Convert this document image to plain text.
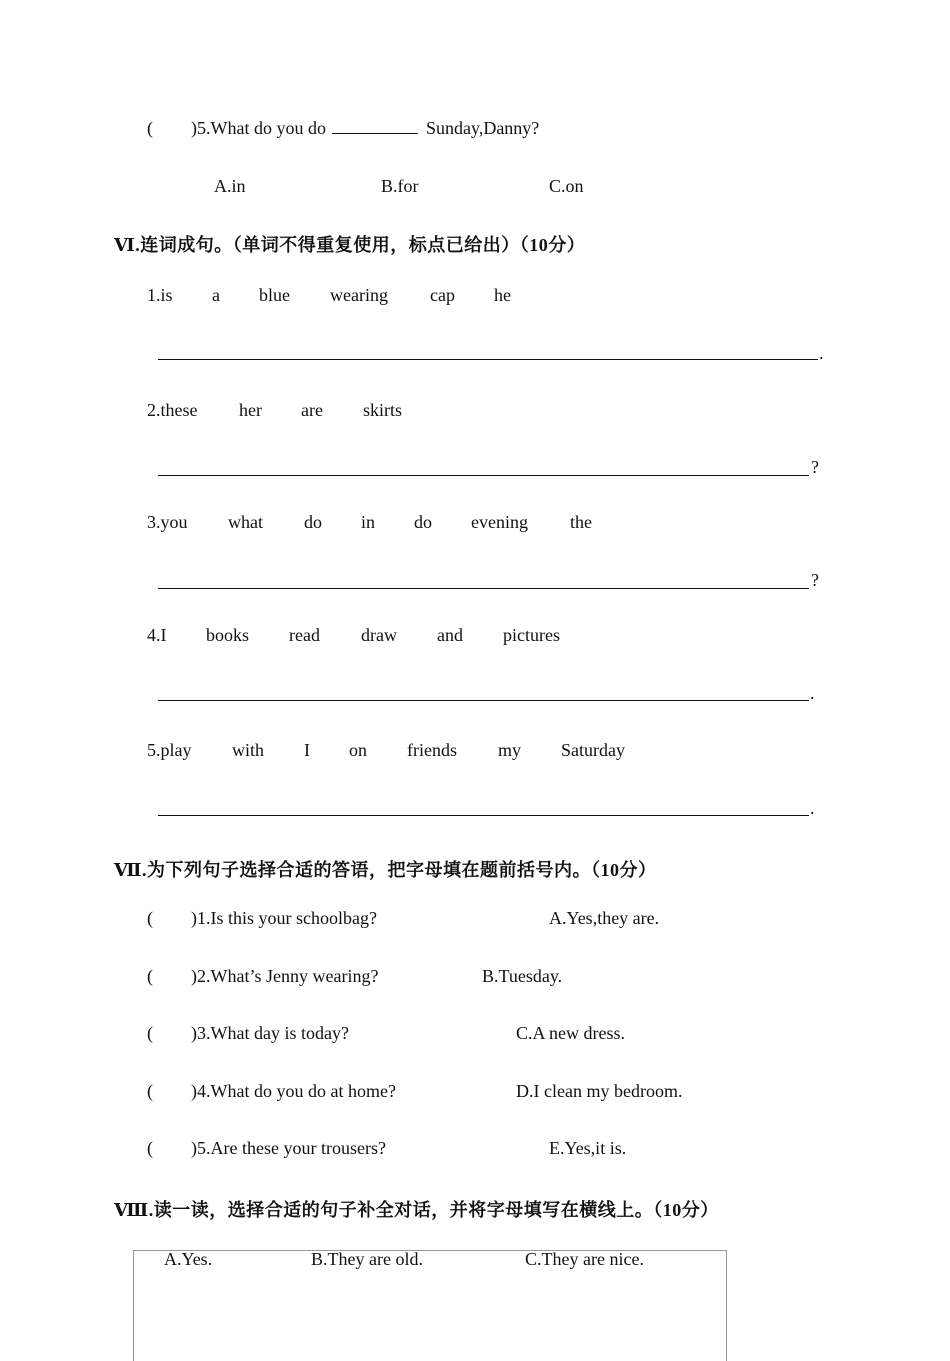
( )5.What do you do	Sunday,Danny?
A.in	B.for	C.on
Ⅵ.连词成句。（单词不得重复使用，标点已给出）（10分）
1.is a blue wearing cap he
.
2.these her are skirts
?
3.you what do in do evening the
?
4.I books read draw and pictures
.
5.play with I on friends my Saturday
.
Ⅶ.为下列句子选择合适的答语，把字母填在题前括号内。（10分）
( )1.Is this your schoolbag?	A.Yes,they are.
( )2.What’s Jenny wearing?	B.Tuesday.
( )3.What day is today?	C.A new dress.
( )4.What do you do at home?	D.I clean my bedroom.
( )5.Are these your trousers?	E.Yes,it is.
Ⅷ.读一读，选择合适的句子补全对话，并将字母填写在横线上。（10分）
A.Yes.	B.They are old.	C.They are nice.
